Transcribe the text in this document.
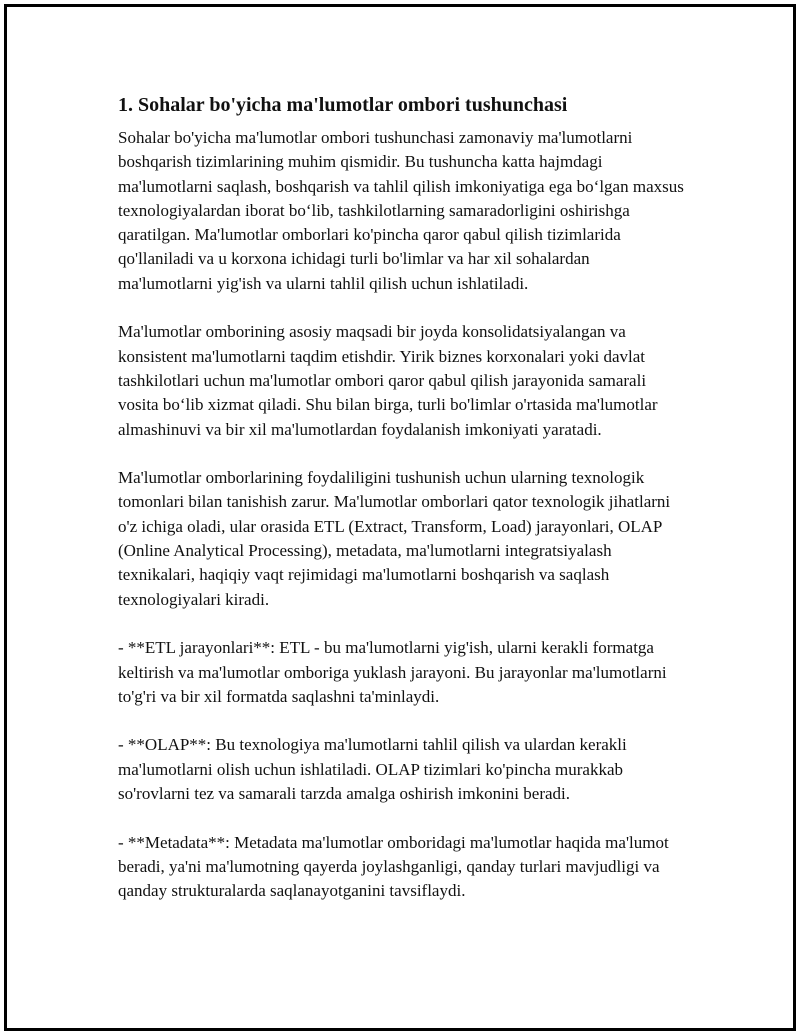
1. Sohalar bo'yicha ma'lumotlar ombori tushunchasi

Sohalar bo'yicha ma'lumotlar ombori tushunchasi zamonaviy ma'lumotlarni boshqarish tizimlarining muhim qismidir. Bu tushuncha katta hajmdagi ma'lumotlarni saqlash, boshqarish va tahlil qilish imkoniyatiga ega bo‘lgan maxsus texnologiyalardan iborat bo‘lib, tashkilotlarning samaradorligini oshirishga qaratilgan. Ma'lumotlar omborlari ko'pincha qaror qabul qilish tizimlarida qo'llaniladi va u korxona ichidagi turli bo'limlar va har xil sohalardan ma'lumotlarni yig'ish va ularni tahlil qilish uchun ishlatiladi.

Ma'lumotlar omborining asosiy maqsadi bir joyda konsolidatsiyalangan va konsistent ma'lumotlarni taqdim etishdir. Yirik biznes korxonalari yoki davlat tashkilotlari uchun ma'lumotlar ombori qaror qabul qilish jarayonida samarali vosita bo‘lib xizmat qiladi. Shu bilan birga, turli bo'limlar o'rtasida ma'lumotlar almashinuvi va bir xil ma'lumotlardan foydalanish imkoniyati yaratadi.

Ma'lumotlar omborlarining foydaliligini tushunish uchun ularning texnologik tomonlari bilan tanishish zarur. Ma'lumotlar omborlari qator texnologik jihatlarni o'z ichiga oladi, ular orasida ETL (Extract, Transform, Load) jarayonlari, OLAP (Online Analytical Processing), metadata, ma'lumotlarni integratsiyalash texnikalari, haqiqiy vaqt rejimidagi ma'lumotlarni boshqarish va saqlash texnologiyalari kiradi.

- **ETL jarayonlari**: ETL - bu ma'lumotlarni yig'ish, ularni kerakli formatga keltirish va ma'lumotlar omboriga yuklash jarayoni. Bu jarayonlar ma'lumotlarni to'g'ri va bir xil formatda saqlashni ta'minlaydi.

- **OLAP**: Bu texnologiya ma'lumotlarni tahlil qilish va ulardan kerakli ma'lumotlarni olish uchun ishlatiladi. OLAP tizimlari ko'pincha murakkab so'rovlarni tez va samarali tarzda amalga oshirish imkonini beradi.

- **Metadata**: Metadata ma'lumotlar omboridagi ma'lumotlar haqida ma'lumot beradi, ya'ni ma'lumotning qayerda joylashganligi, qanday turlari mavjudligi va qanday strukturalarda saqlanayotganini tavsiflaydi.
